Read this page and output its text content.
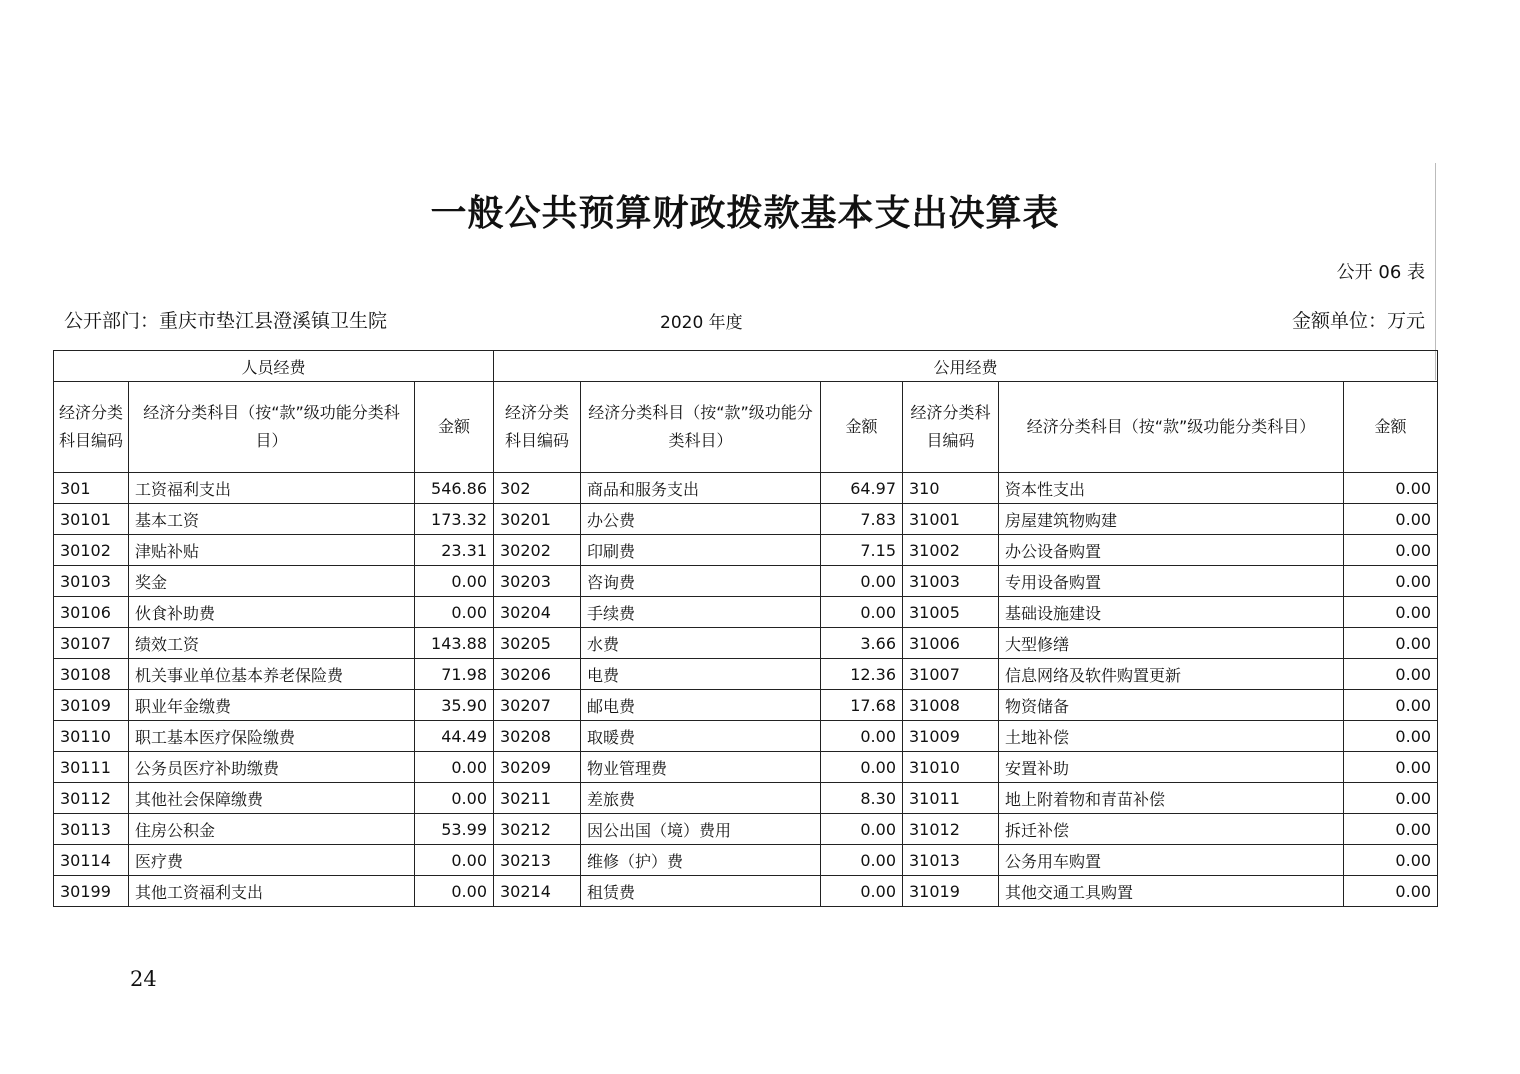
一般公共预算财政拨款基本支出决算表
公开 06 表
公开部门：重庆市垫江县澄溪镇卫生院	2020 年度	金额单位：万元
人员经费			公用经费					
经济分类科目编码	经济分类科目（按“款”级功能分类科目）	金额	经济分类科目编码	经济分类科目（按“款”级功能分类科目）	金额	经济分类科目编码	经济分类科目（按“款”级功能分类科目）	金额
301	工资福利支出	546.86	302	商品和服务支出	64.97	310	资本性支出	0.00
30101	基本工资	173.32	30201	办公费	7.83	31001	房屋建筑物购建	0.00
30102	津贴补贴	23.31	30202	印刷费	7.15	31002	办公设备购置	0.00
30103	奖金	0.00	30203	咨询费	0.00	31003	专用设备购置	0.00
30106	伙食补助费	0.00	30204	手续费	0.00	31005	基础设施建设	0.00
30107	绩效工资	143.88	30205	水费	3.66	31006	大型修缮	0.00
30108	机关事业单位基本养老保险费	71.98	30206	电费	12.36	31007	信息网络及软件购置更新	0.00
30109	职业年金缴费	35.90	30207	邮电费	17.68	31008	物资储备	0.00
30110	职工基本医疗保险缴费	44.49	30208	取暖费	0.00	31009	土地补偿	0.00
30111	公务员医疗补助缴费	0.00	30209	物业管理费	0.00	31010	安置补助	0.00
30112	其他社会保障缴费	0.00	30211	差旅费	8.30	31011	地上附着物和青苗补偿	0.00
30113	住房公积金	53.99	30212	因公出国（境）费用	0.00	31012	拆迁补偿	0.00
30114	医疗费	0.00	30213	维修（护）费	0.00	31013	公务用车购置	0.00
30199	其他工资福利支出	0.00	30214	租赁费	0.00	31019	其他交通工具购置	0.00
24
